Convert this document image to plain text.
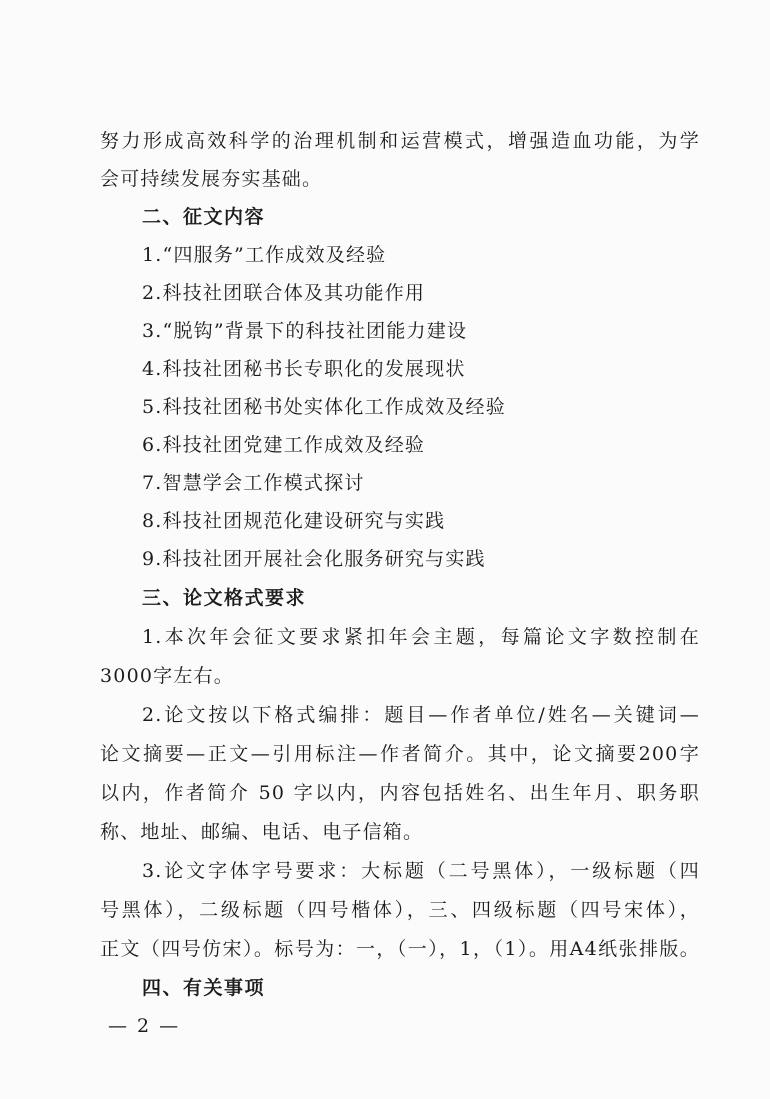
努力形成高效科学的治理机制和运营模式，增强造血功能，为学
会可持续发展夯实基础。
二、征文内容
1.“四服务”工作成效及经验
2.科技社团联合体及其功能作用
3.“脱钩”背景下的科技社团能力建设
4.科技社团秘书长专职化的发展现状
5.科技社团秘书处实体化工作成效及经验
6.科技社团党建工作成效及经验
7.智慧学会工作模式探讨
8.科技社团规范化建设研究与实践
9.科技社团开展社会化服务研究与实践
三、论文格式要求
1.本次年会征文要求紧扣年会主题，每篇论文字数控制在
3000字左右。
2.论文按以下格式编排：题目—作者单位/姓名—关键词—
论文摘要—正文—引用标注—作者简介。其中，论文摘要200字
以内，作者简介 50 字以内，内容包括姓名、出生年月、职务职
称、地址、邮编、电话、电子信箱。
3.论文字体字号要求：大标题（二号黑体），一级标题（四
号黑体），二级标题（四号楷体），三、四级标题（四号宋体），
正文（四号仿宋）。标号为：一，（一），1，（1）。用A4纸张排版。
四、有关事项
— 2 —
